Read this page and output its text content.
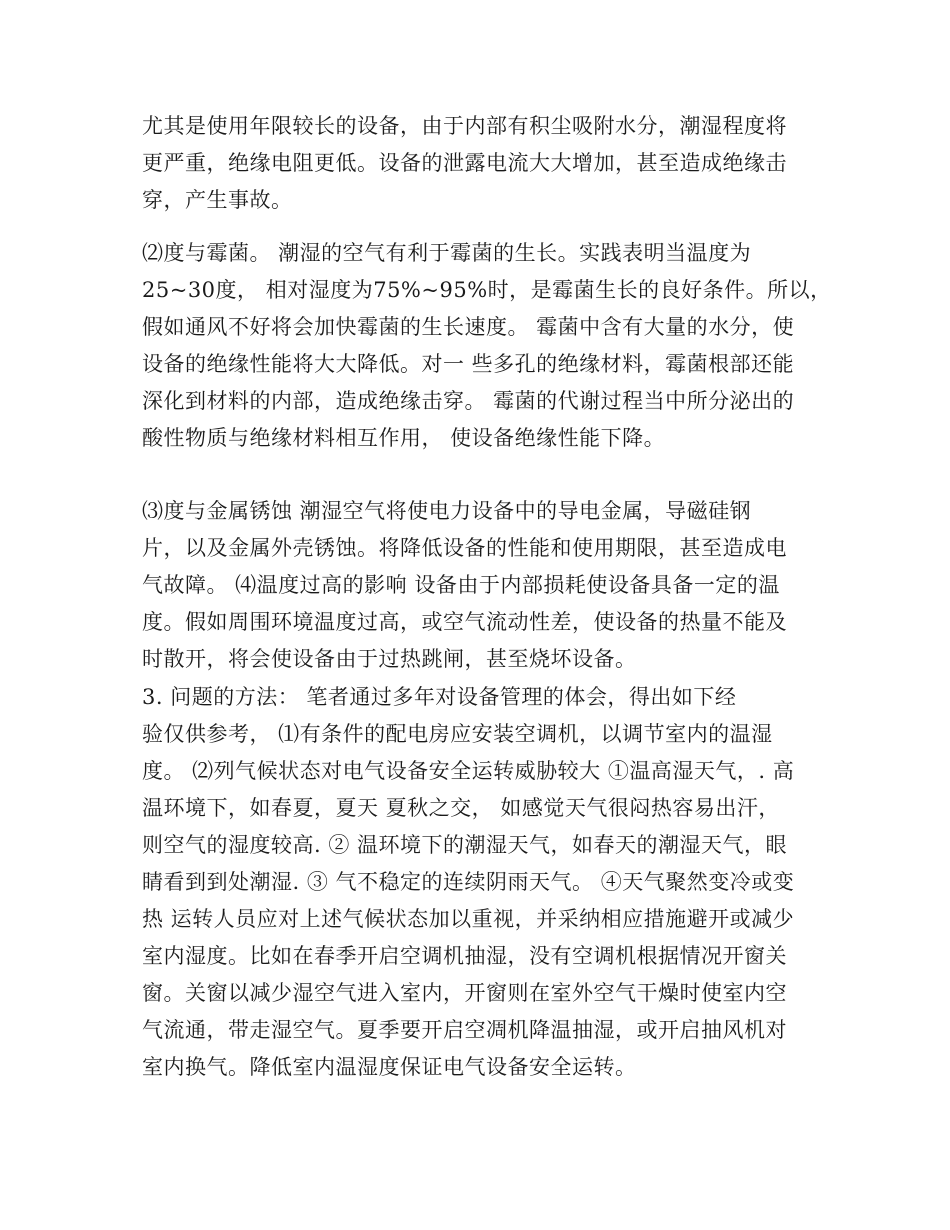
尤其是使用年限较长的设备，由于内部有积尘吸附水分，潮湿程度将
更严重，绝缘电阻更低。设备的泄露电流大大增加，甚至造成绝缘击
穿，产生事故。
⑵度与霉菌。 潮湿的空气有利于霉菌的生长。实践表明当温度为
25~30度， 相对湿度为75%~95%时，是霉菌生长的良好条件。所以，
假如通风不好将会加快霉菌的生长速度。 霉菌中含有大量的水分，使
设备的绝缘性能将大大降低。对一 些多孔的绝缘材料，霉菌根部还能
深化到材料的内部，造成绝缘击穿。 霉菌的代谢过程当中所分泌出的
酸性物质与绝缘材料相互作用， 使设备绝缘性能下降。
⑶度与金属锈蚀 潮湿空气将使电力设备中的导电金属，导磁硅钢
片，以及金属外壳锈蚀。将降低设备的性能和使用期限，甚至造成电
气故障。 ⑷温度过高的影响 设备由于内部损耗使设备具备一定的温
度。假如周围环境温度过高，或空气流动性差，使设备的热量不能及
时散开，将会使设备由于过热跳闸，甚至烧坏设备。
3. 问题的方法： 笔者通过多年对设备管理的体会，得出如下经
验仅供参考， ⑴有条件的配电房应安装空调机，以调节室内的温湿
度。 ⑵列气候状态对电气设备安全运转威胁较大 ①温高湿天气，. 高
温环境下，如春夏，夏天 夏秋之交， 如感觉天气很闷热容易出汗，
则空气的湿度较高. ② 温环境下的潮湿天气，如春天的潮湿天气，眼
睛看到到处潮湿. ③ 气不稳定的连续阴雨天气。 ④天气聚然变冷或变
热 运转人员应对上述气候状态加以重视，并采纳相应措施避开或减少
室内湿度。比如在春季开启空调机抽湿，没有空调机根据情况开窗关
窗。关窗以减少湿空气进入室内，开窗则在室外空气干燥时使室内空
气流通，带走湿空气。夏季要开启空凋机降温抽湿，或开启抽风机对
室内换气。降低室内温湿度保证电气设备安全运转。
